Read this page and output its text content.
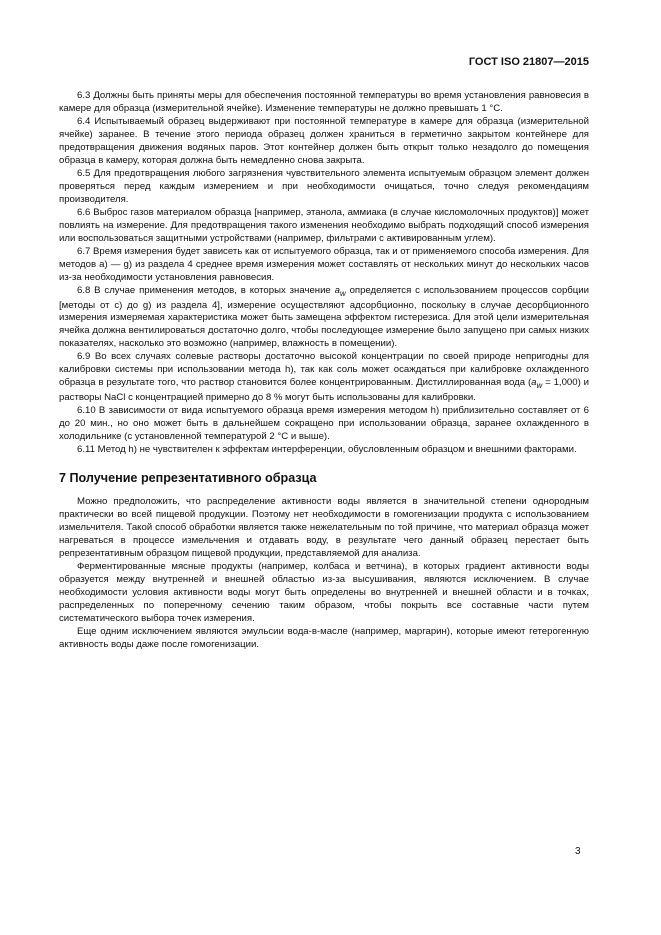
ГОСТ ISO 21807—2015

6.3 Должны быть приняты меры для обеспечения постоянной температуры во время установления равновесия в камере для образца (измерительной ячейке). Изменение температуры не должно превышать 1 °С.

6.4 Испытываемый образец выдерживают при постоянной температуре в камере для образца (измерительной ячейке) заранее. В течение этого периода образец должен храниться в герметично закрытом контейнере для предотвращения движения водяных паров. Этот контейнер должен быть открыт только незадолго до помещения образца в камеру, которая должна быть немедленно снова закрыта.

6.5 Для предотвращения любого загрязнения чувствительного элемента испытуемым образцом элемент должен проверяться перед каждым измерением и при необходимости очищаться, точно следуя рекомендациям производителя.

6.6 Выброс газов материалом образца [например, этанола, аммиака (в случае кисломолочных продуктов)] может повлиять на измерение. Для предотвращения такого изменения необходимо выбрать подходящий способ измерения или воспользоваться защитными устройствами (например, фильтрами с активированным углем).

6.7 Время измерения будет зависеть как от испытуемого образца, так и от применяемого способа измерения. Для методов а) — g) из раздела 4 среднее время измерения может составлять от нескольких минут до нескольких часов из-за необходимости установления равновесия.

6.8 В случае применения методов, в которых значение $a_w$ определяется с использованием процессов сорбции [методы от с) до g) из раздела 4], измерение осуществляют адсорбционно, поскольку в случае десорбционного измерения измеряемая характеристика может быть замещена эффектом гистерезиса. Для этой цели измерительная ячейка должна вентилироваться достаточно долго, чтобы последующее измерение было запущено при самых низких показателях, насколько это возможно (например, влажность в помещении).

6.9 Во всех случаях солевые растворы достаточно высокой концентрации по своей природе непригодны для калибровки системы при использовании метода h), так как соль может осаждаться при калибровке охлажденного образца в результате того, что раствор становится более концентрированным. Дистиллированная вода $(a_w = 1,000)$ и растворы NaCl с концентрацией примерно до 8 % могут быть использованы для калибровки.

6.10 В зависимости от вида испытуемого образца время измерения методом h) приблизительно составляет от 6 до 20 мин., но оно может быть в дальнейшем сокращено при использовании образца, заранее охлажденного в холодильнике (с установленной температурой 2 °С и выше).

6.11 Метод h) не чувствителен к эффектам интерференции, обусловленным образцом и внешними факторами.

7 Получение репрезентативного образца

Можно предположить, что распределение активности воды является в значительной степени однородным практически во всей пищевой продукции. Поэтому нет необходимости в гомогенизации продукта с использованием измельчителя. Такой способ обработки является также нежелательным по той причине, что материал образца может нагреваться в процессе измельчения и отдавать воду, в результате чего данный образец перестает быть репрезентативным образцом пищевой продукции, представляемой для анализа.

Ферментированные мясные продукты (например, колбаса и ветчина), в которых градиент активности воды образуется между внутренней и внешней областью из-за высушивания, являются исключением. В случае необходимости условия активности воды могут быть определены во внутренней и внешней области и в точках, распределенных по поперечному сечению таким образом, чтобы покрыть все составные части путем систематического выбора точек измерения.

Еще одним исключением являются эмульсии вода-в-масле (например, маргарин), которые имеют гетерогенную активность воды даже после гомогенизации.

3
